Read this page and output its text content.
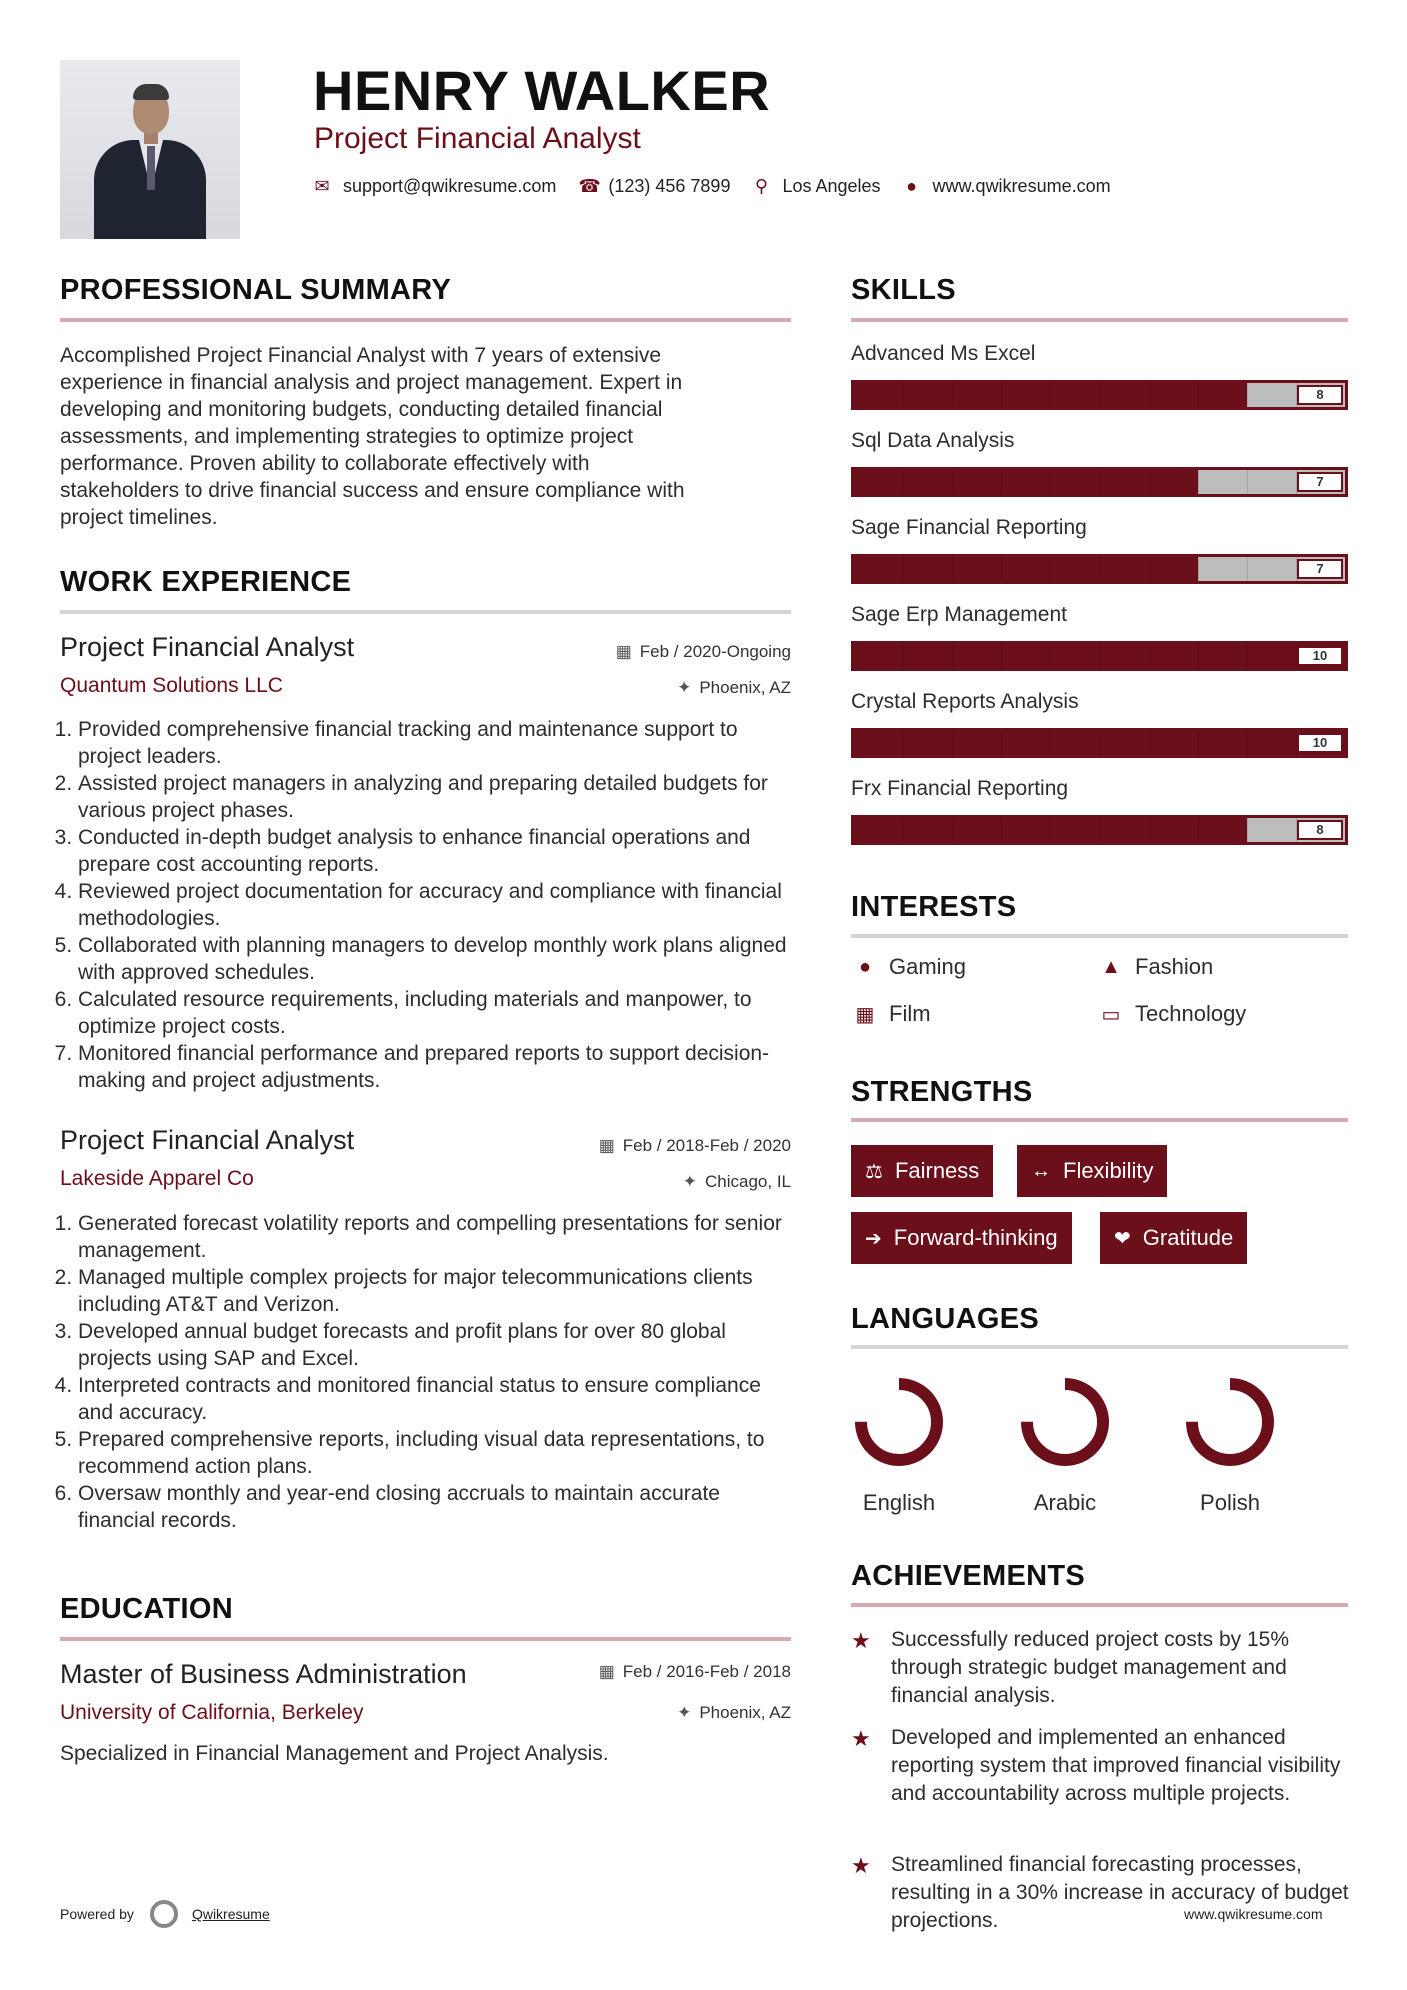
HENRY WALKER
Project Financial Analyst
✉ support@qwikresume.com ☎ (123) 456 7899 ⚲ Los Angeles ● www.qwikresume.com
PROFESSIONAL SUMMARY
Accomplished Project Financial Analyst with 7 years of extensive
experience in financial analysis and project management. Expert in
developing and monitoring budgets, conducting detailed financial
assessments, and implementing strategies to optimize project
performance. Proven ability to collaborate effectively with
stakeholders to drive financial success and ensure compliance with
project timelines.
WORK EXPERIENCE
Project Financial Analyst	▦ Feb / 2020-Ongoing
Quantum Solutions LLC	✦ Phoenix, AZ
1. Provided comprehensive financial tracking and maintenance support to project leaders.
2. Assisted project managers in analyzing and preparing detailed budgets for various project phases.
3. Conducted in-depth budget analysis to enhance financial operations and prepare cost accounting reports.
4. Reviewed project documentation for accuracy and compliance with financial methodologies.
5. Collaborated with planning managers to develop monthly work plans aligned with approved schedules.
6. Calculated resource requirements, including materials and manpower, to optimize project costs.
7. Monitored financial performance and prepared reports to support decision-making and project adjustments.
Project Financial Analyst	▦ Feb / 2018-Feb / 2020
Lakeside Apparel Co	✦ Chicago, IL
1. Generated forecast volatility reports and compelling presentations for senior management.
2. Managed multiple complex projects for major telecommunications clients including AT&T and Verizon.
3. Developed annual budget forecasts and profit plans for over 80 global projects using SAP and Excel.
4. Interpreted contracts and monitored financial status to ensure compliance and accuracy.
5. Prepared comprehensive reports, including visual data representations, to recommend action plans.
6. Oversaw monthly and year-end closing accruals to maintain accurate financial records.
EDUCATION
Master of Business Administration	▦ Feb / 2016-Feb / 2018
University of California, Berkeley	✦ Phoenix, AZ
Specialized in Financial Management and Project Analysis.
SKILLS
Advanced Ms Excel
8
Sql Data Analysis
7
Sage Financial Reporting
7
Sage Erp Management
10
Crystal Reports Analysis
10
Frx Financial Reporting
8
INTERESTS
● Gaming	▲ Fashion
▦ Film	▭ Technology
STRENGTHS
⚖ Fairness	↔ Flexibility
➔ Forward-thinking	❤ Gratitude
LANGUAGES
English	Arabic	Polish
ACHIEVEMENTS
★ Successfully reduced project costs by 15% through strategic budget management and financial analysis.
★ Developed and implemented an enhanced reporting system that improved financial visibility and accountability across multiple projects.
★ Streamlined financial forecasting processes, resulting in a 30% increase in accuracy of budget projections.
Powered by	Qwikresume	www.qwikresume.com
